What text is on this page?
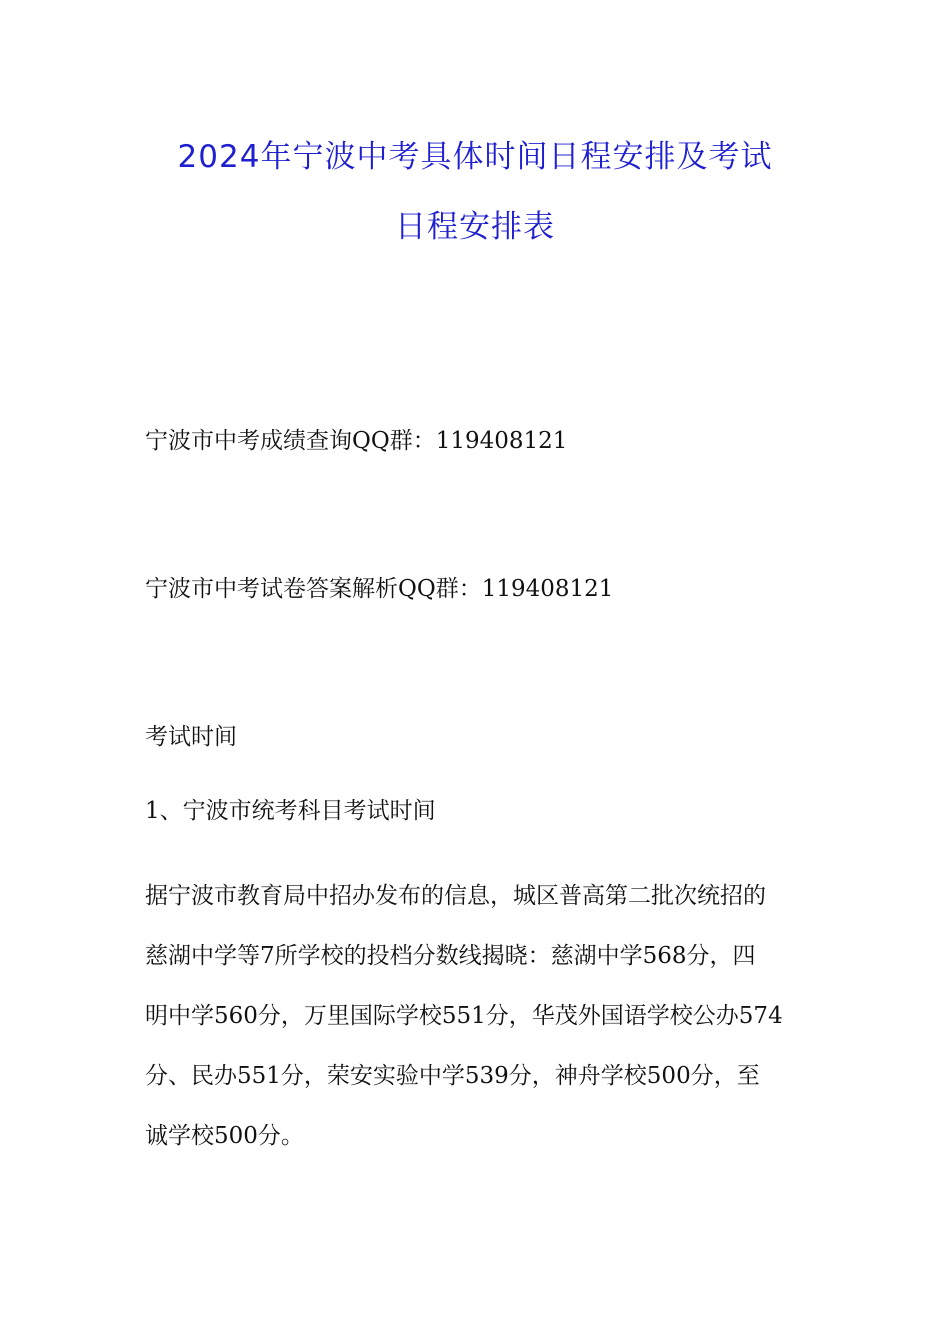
2024年宁波中考具体时间日程安排及考试
日程安排表
宁波市中考成绩查询QQ群：119408121
宁波市中考试卷答案解析QQ群：119408121
考试时间
1、宁波市统考科目考试时间
据宁波市教育局中招办发布的信息，城区普高第二批次统招的
慈湖中学等7所学校的投档分数线揭晓：慈湖中学568分，四
明中学560分，万里国际学校551分，华茂外国语学校公办574
分、民办551分，荣安实验中学539分，神舟学校500分，至
诚学校500分。
